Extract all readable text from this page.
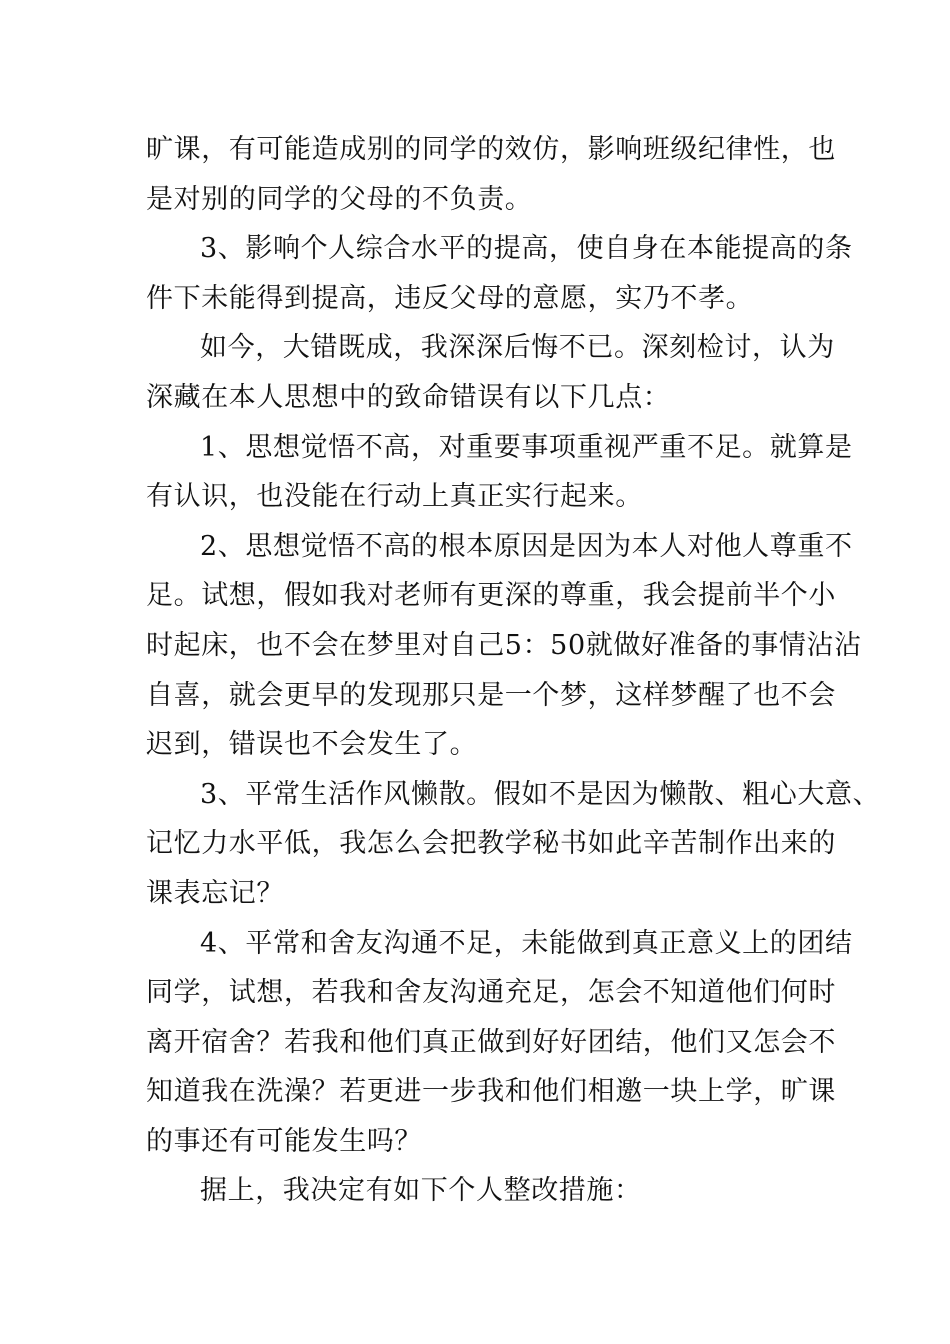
旷课，有可能造成别的同学的效仿，影响班级纪律性，也
是对别的同学的父母的不负责。
3、影响个人综合水平的提高，使自身在本能提高的条
件下未能得到提高，违反父母的意愿，实乃不孝。
如今，大错既成，我深深后悔不已。深刻检讨，认为
深藏在本人思想中的致命错误有以下几点：
1、思想觉悟不高，对重要事项重视严重不足。就算是
有认识，也没能在行动上真正实行起来。
2、思想觉悟不高的根本原因是因为本人对他人尊重不
足。试想，假如我对老师有更深的尊重，我会提前半个小
时起床，也不会在梦里对自己5：50就做好准备的事情沾沾
自喜，就会更早的发现那只是一个梦，这样梦醒了也不会
迟到，错误也不会发生了。
3、平常生活作风懒散。假如不是因为懒散、粗心大意、
记忆力水平低，我怎么会把教学秘书如此辛苦制作出来的
课表忘记？
4、平常和舍友沟通不足，未能做到真正意义上的团结
同学，试想，若我和舍友沟通充足，怎会不知道他们何时
离开宿舍？若我和他们真正做到好好团结，他们又怎会不
知道我在洗澡？若更进一步我和他们相邀一块上学，旷课
的事还有可能发生吗？
据上，我决定有如下个人整改措施：
